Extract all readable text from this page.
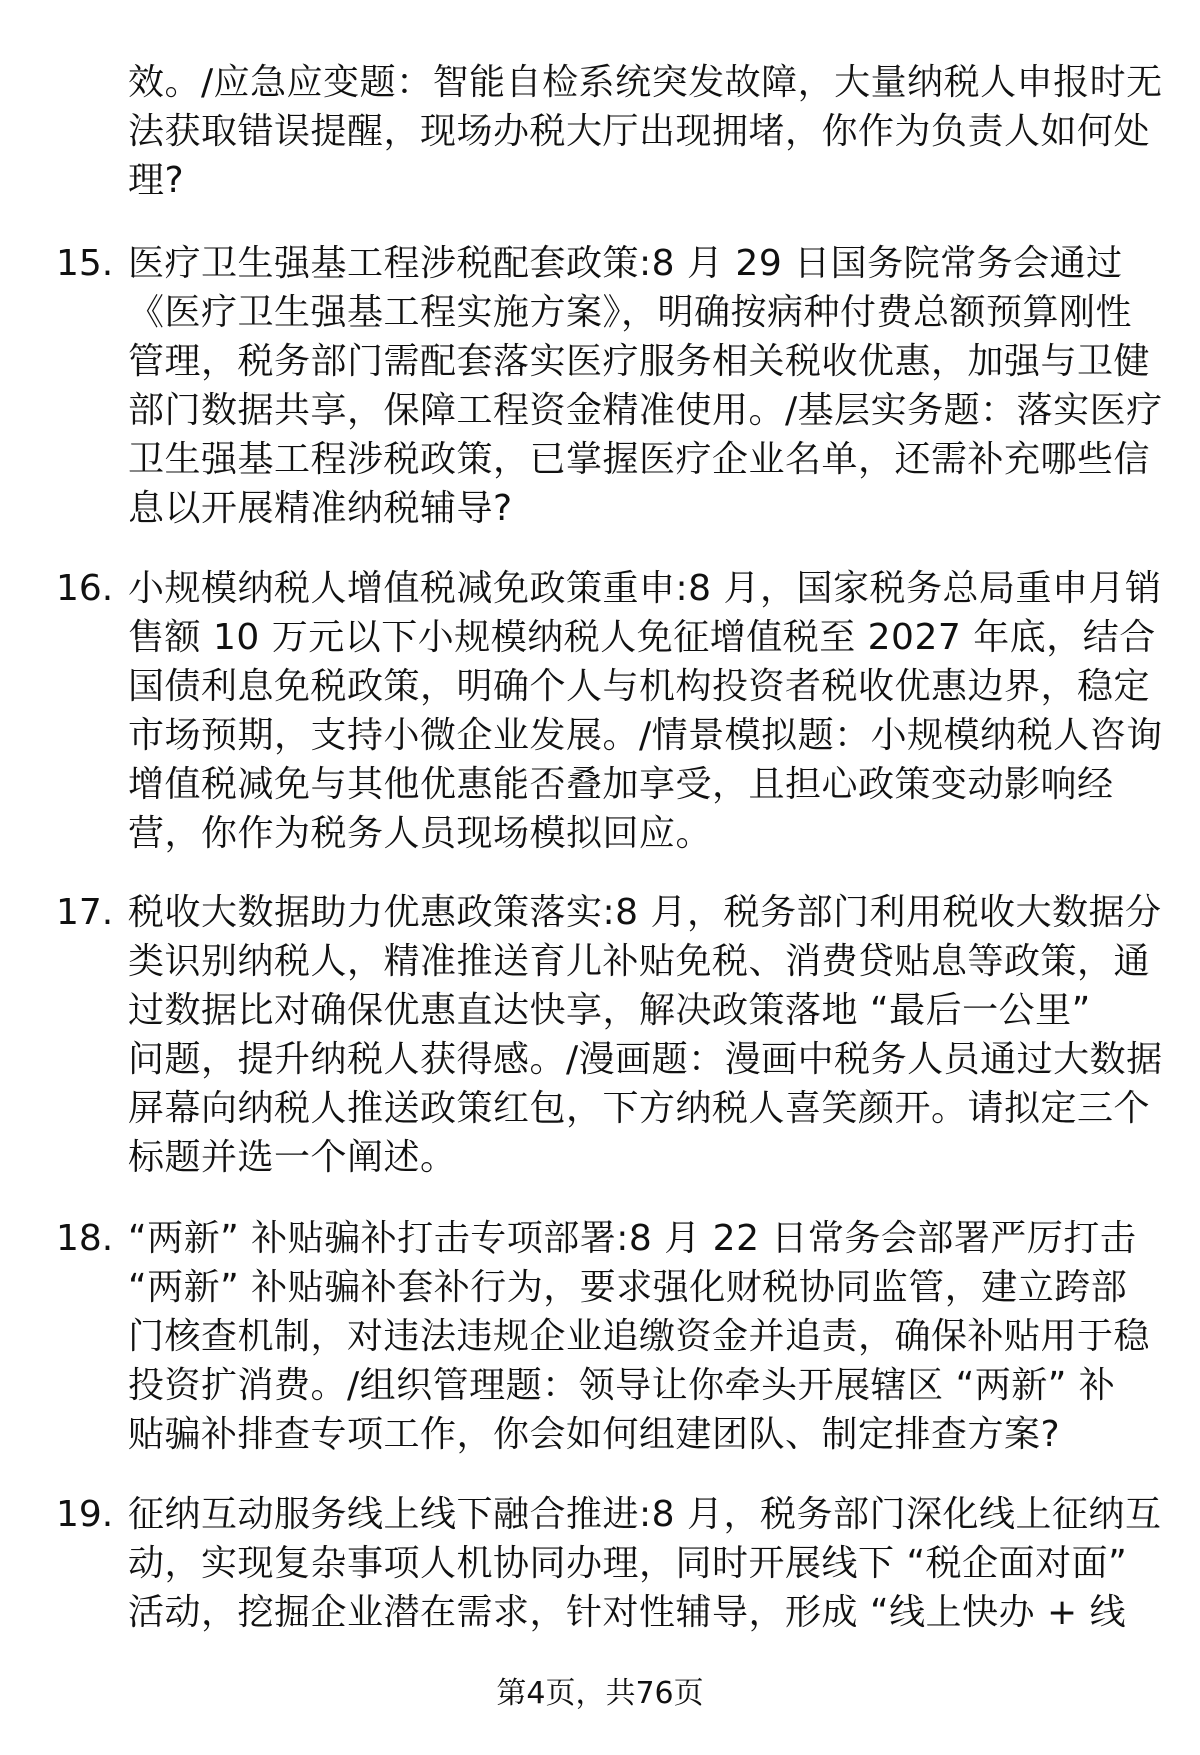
效。/应急应变题：智能自检系统突发故障，大量纳税人申报时无
法获取错误提醒，现场办税大厅出现拥堵，你作为负责人如何处
理?
15. 医疗卫生强基工程涉税配套政策:8 月 29 日国务院常务会通过
《医疗卫生强基工程实施方案》，明确按病种付费总额预算刚性
管理，税务部门需配套落实医疗服务相关税收优惠，加强与卫健
部门数据共享，保障工程资金精准使用。/基层实务题：落实医疗
卫生强基工程涉税政策，已掌握医疗企业名单，还需补充哪些信
息以开展精准纳税辅导?
16. 小规模纳税人增值税减免政策重申:8 月，国家税务总局重申月销
售额 10 万元以下小规模纳税人免征增值税至 2027 年底，结合
国债利息免税政策，明确个人与机构投资者税收优惠边界，稳定
市场预期，支持小微企业发展。/情景模拟题：小规模纳税人咨询
增值税减免与其他优惠能否叠加享受，且担心政策变动影响经
营，你作为税务人员现场模拟回应。
17. 税收大数据助力优惠政策落实:8 月，税务部门利用税收大数据分
类识别纳税人，精准推送育儿补贴免税、消费贷贴息等政策，通
过数据比对确保优惠直达快享，解决政策落地 “最后一公里”
问题，提升纳税人获得感。/漫画题：漫画中税务人员通过大数据
屏幕向纳税人推送政策红包，下方纳税人喜笑颜开。请拟定三个
标题并选一个阐述。
18. “两新” 补贴骗补打击专项部署:8 月 22 日常务会部署严厉打击
“两新” 补贴骗补套补行为，要求强化财税协同监管，建立跨部
门核查机制，对违法违规企业追缴资金并追责，确保补贴用于稳
投资扩消费。/组织管理题：领导让你牵头开展辖区 “两新” 补
贴骗补排查专项工作，你会如何组建团队、制定排查方案?
19. 征纳互动服务线上线下融合推进:8 月，税务部门深化线上征纳互
动，实现复杂事项人机协同办理，同时开展线下 “税企面对面”
活动，挖掘企业潜在需求，针对性辅导，形成 “线上快办 + 线
第4页，共76页
